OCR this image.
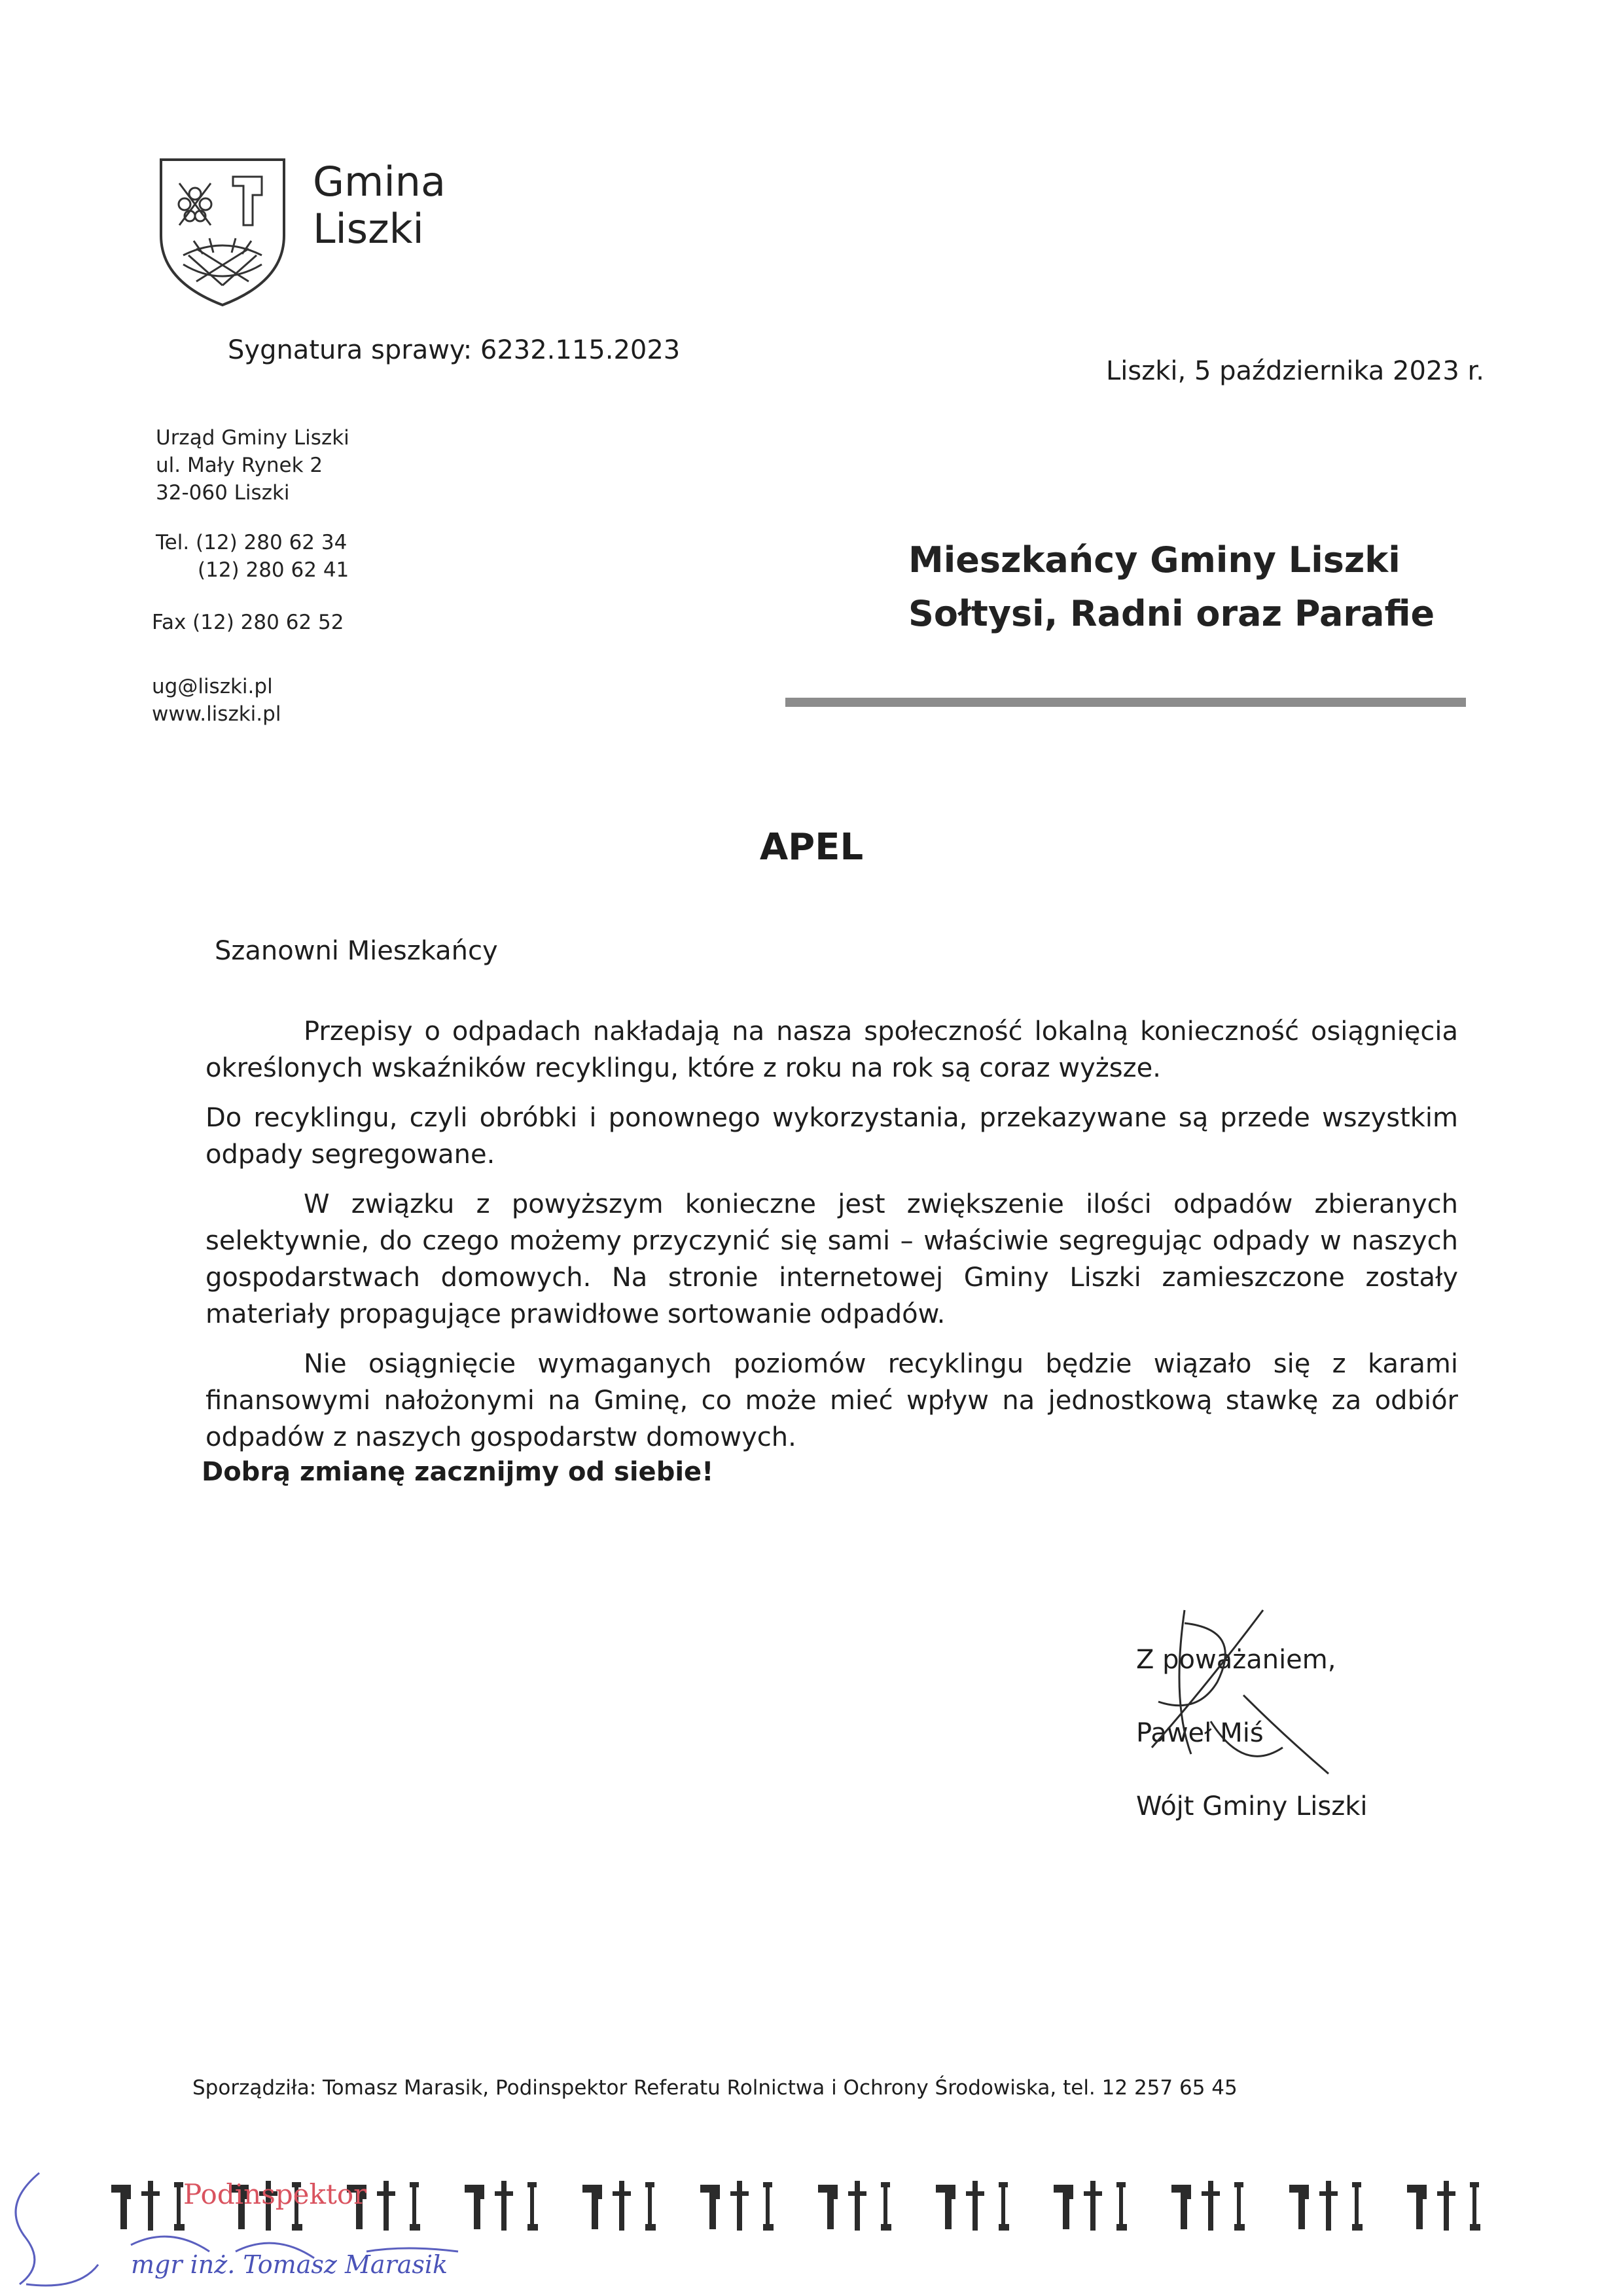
Gmina
Liszki
Sygnatura sprawy: 6232.115.2023
Liszki, 5 października 2023 r.
Urząd Gminy Liszki
ul. Mały Rynek 2
32-060 Liszki
Tel. (12) 280 62 34
(12) 280 62 41
Fax (12) 280 62 52
ug@liszki.pl
www.liszki.pl
Mieszkańcy Gminy Liszki
Sołtysi, Radni oraz Parafie
APEL
Szanowni Mieszkańcy

Przepisy o odpadach nakładają na nasza społeczność lokalną konieczność osiągnięcia określonych wskaźników recyklingu, które z roku na rok są coraz wyższe.

Do recyklingu, czyli obróbki i ponownego wykorzystania, przekazywane są przede wszystkim odpady segregowane.

W związku z powyższym konieczne jest zwiększenie ilości odpadów zbieranych selektywnie, do czego możemy przyczynić się sami – właściwie segregując odpady w naszych gospodarstwach domowych. Na stronie internetowej Gminy Liszki zamieszczone zostały materiały propagujące prawidłowe sortowanie odpadów.

Nie osiągnięcie wymaganych poziomów recyklingu będzie wiązało się z karami finansowymi nałożonymi na Gminę, co może mieć wpływ na jednostkową stawkę za odbiór odpadów z naszych gospodarstw domowych.

Dobrą zmianę zacznijmy od siebie!
Z poważaniem,
Paweł Miś
Wójt Gminy Liszki
Sporządziła: Tomasz Marasik, Podinspektor Referatu Rolnictwa i Ochrony Środowiska, tel. 12 257 65 45
Podinspektor
mgr inż. Tomasz Marasik
